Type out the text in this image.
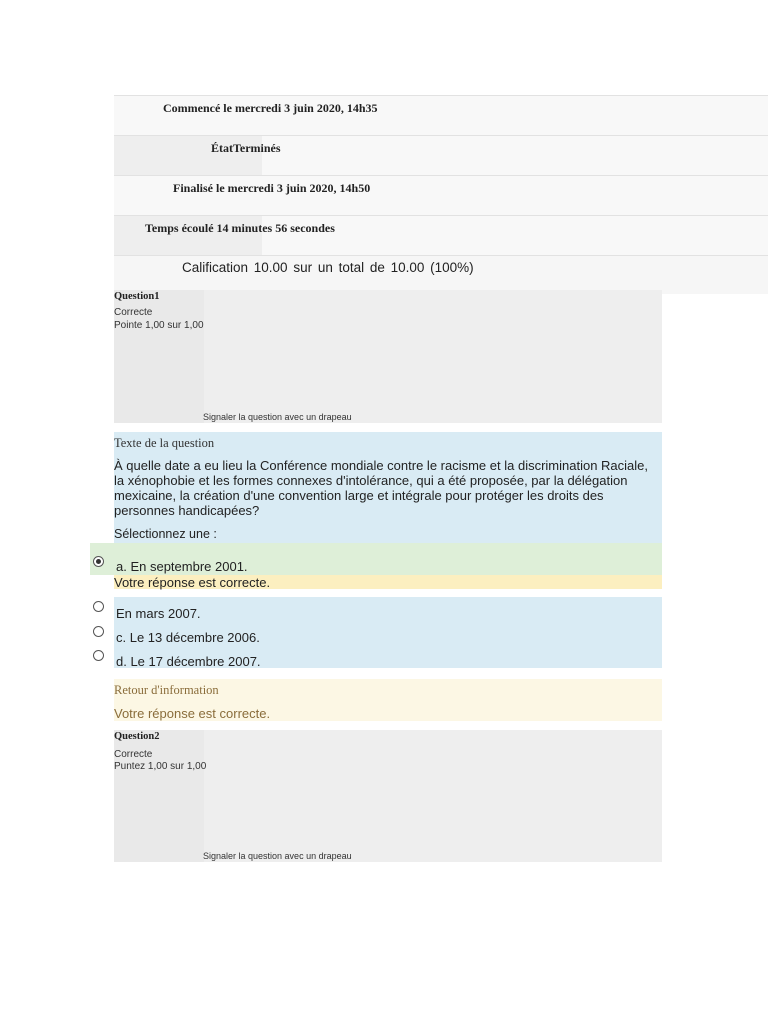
Commencé le mercredi 3 juin 2020, 14h35
ÉtatTerminés
Finalisé le mercredi 3 juin 2020, 14h50
Temps écoulé 14 minutes 56 secondes
Calification 10.00 sur un total de 10.00 (100%)
Question1
Correcte
Pointe 1,00 sur 1,00
Signaler la question avec un drapeau
Texte de la question
À quelle date a eu lieu la Conférence mondiale contre le racisme et la discrimination Raciale, la xénophobie et les formes connexes d'intolérance, qui a été proposée, par la délégation mexicaine, la création d'une convention large et intégrale pour protéger les droits des personnes handicapées?
Sélectionnez une :
a. En septembre 2001.
Votre réponse est correcte.
En mars 2007.
c. Le 13 décembre 2006.
d. Le 17 décembre 2007.
Retour d'information
Votre réponse est correcte.
Question2
Correcte
Puntez 1,00 sur 1,00
Signaler la question avec un drapeau
